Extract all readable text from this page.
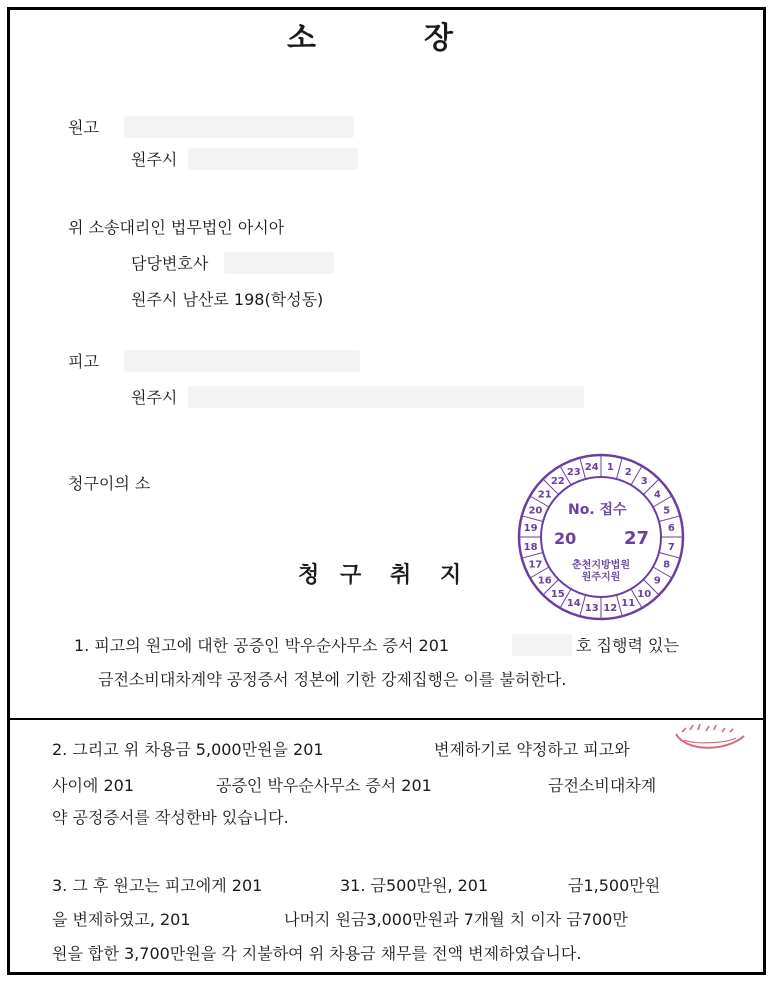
소	장
원고
원주시
위 소송대리인 법무법인 아시아
담당변호사
원주시 남산로 198(학성동)
피고
원주시
청구이의 소
청 구 취 지
1. 피고의 원고에 대한 공증인 박우순사무소 증서 201	호 집행력 있는
금전소비대차계약 공정증서 정본에 기한 강제집행은 이를 불허한다.
2. 그리고 위 차용금 5,000만원을 201	변제하기로 약정하고 피고와
사이에 201	공증인 박우순사무소 증서 201	금전소비대차계
약 공정증서를 작성한바 있습니다.
3. 그 후 원고는 피고에게 201	31. 금500만원, 201	금1,500만원
을 변제하였고, 201	나머지 원금3,000만원과 7개월 치 이자 금700만
원을 합한 3,700만원을 각 지불하여 위 차용금 채무를 전액 변제하였습니다.
1 2
3
4
5
6
7
8
9
10
11
12
13
14
15
16
17
18
19
20
21
22
23 24
No. 접수
20	27
춘천지방법원
원주지원
